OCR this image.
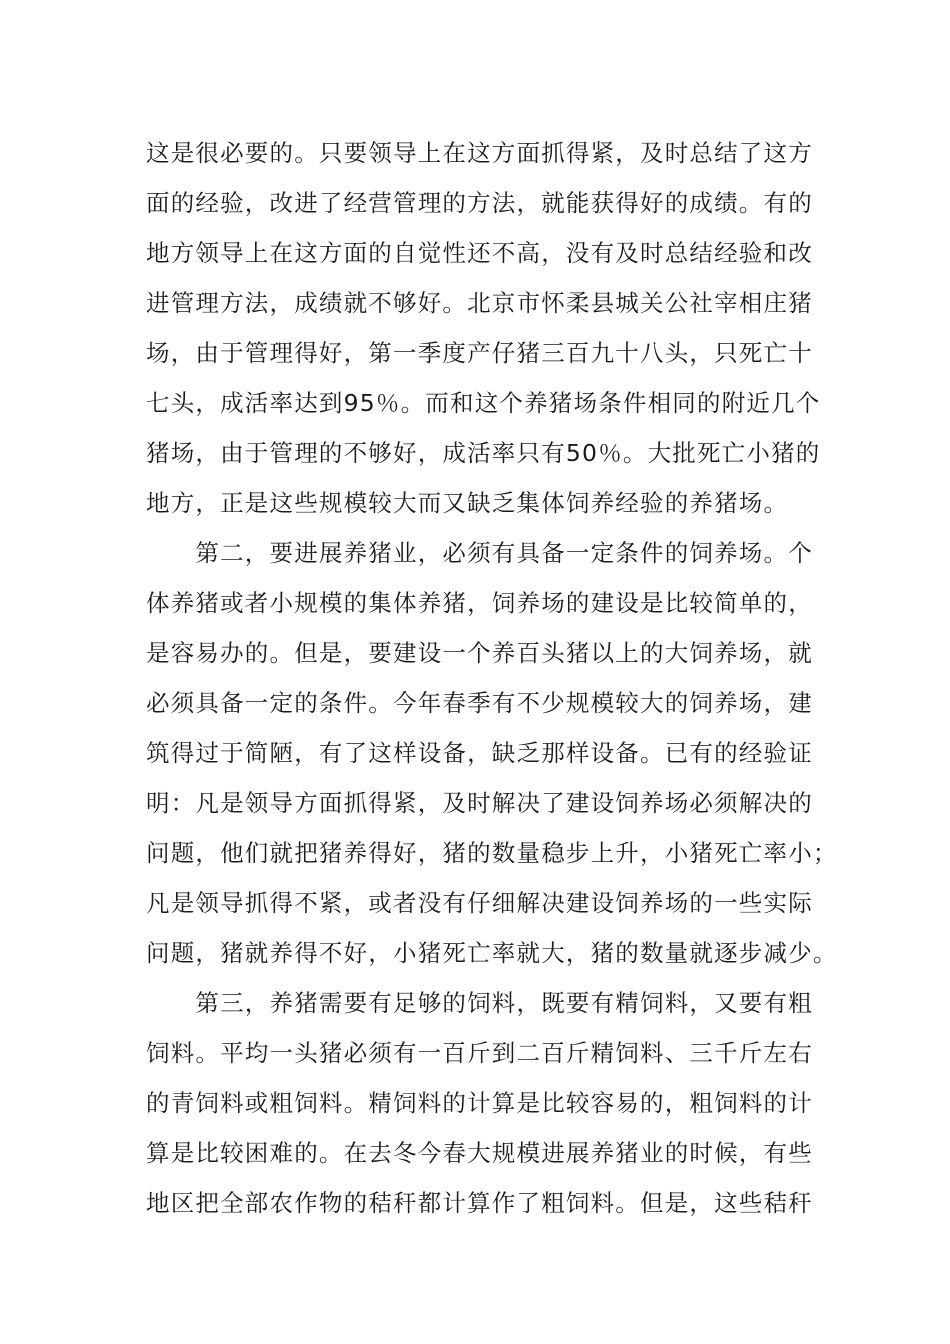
这是很必要的。只要领导上在这方面抓得紧，及时总结了这方
面的经验，改进了经营管理的方法，就能获得好的成绩。有的
地方领导上在这方面的自觉性还不高，没有及时总结经验和改
进管理方法，成绩就不够好。北京市怀柔县城关公社宰相庄猪
场，由于管理得好，第一季度产仔猪三百九十八头，只死亡十
七头，成活率达到95％。而和这个养猪场条件相同的附近几个
猪场，由于管理的不够好，成活率只有50％。大批死亡小猪的
地方，正是这些规模较大而又缺乏集体饲养经验的养猪场。
　　第二，要进展养猪业，必须有具备一定条件的饲养场。个
体养猪或者小规模的集体养猪，饲养场的建设是比较简单的，
是容易办的。但是，要建设一个养百头猪以上的大饲养场，就
必须具备一定的条件。今年春季有不少规模较大的饲养场，建
筑得过于简陋，有了这样设备，缺乏那样设备。已有的经验证
明：凡是领导方面抓得紧，及时解决了建设饲养场必须解决的
问题，他们就把猪养得好，猪的数量稳步上升，小猪死亡率小；
凡是领导抓得不紧，或者没有仔细解决建设饲养场的一些实际
问题，猪就养得不好，小猪死亡率就大，猪的数量就逐步减少。
　　第三，养猪需要有足够的饲料，既要有精饲料，又要有粗
饲料。平均一头猪必须有一百斤到二百斤精饲料、三千斤左右
的青饲料或粗饲料。精饲料的计算是比较容易的，粗饲料的计
算是比较困难的。在去冬今春大规模进展养猪业的时候，有些
地区把全部农作物的秸秆都计算作了粗饲料。但是，这些秸秆
